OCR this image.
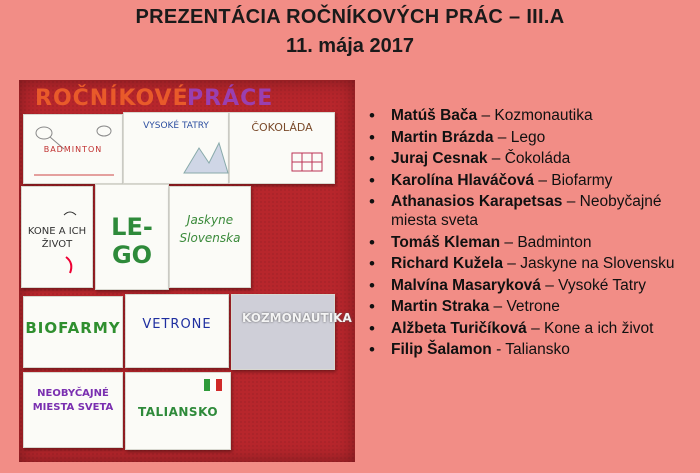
PREZENTÁCIA ROČNÍKOVÝCH PRÁC – III.A
11. mája 2017
ROČNÍKOVÉ
PRÁCE
BADMINTON
VYSOKÉ TATRY	ČOKOLÁDA
KONE A ICH ŽIVOT
LE-GO
Jaskyne Slovenska
BIOFARMY	VETRONE	KOZMONAUTIKA
NEOBYČAJNÉ MIESTA SVETA	TALIANSKO
• Matúš Bača – Kozmonautika
• Martin Brázda – Lego
• Juraj Cesnak – Čokoláda
• Karolína Hlaváčová – Biofarmy
• Athanasios Karapetsas – Neobyčajné miesta sveta
• Tomáš Kleman – Badminton
• Richard Kužela – Jaskyne na Slovensku
• Malvína Masaryková – Vysoké Tatry
• Martin Straka – Vetrone
• Alžbeta Turičíková – Kone a ich život
• Filip Šalamon - Taliansko
